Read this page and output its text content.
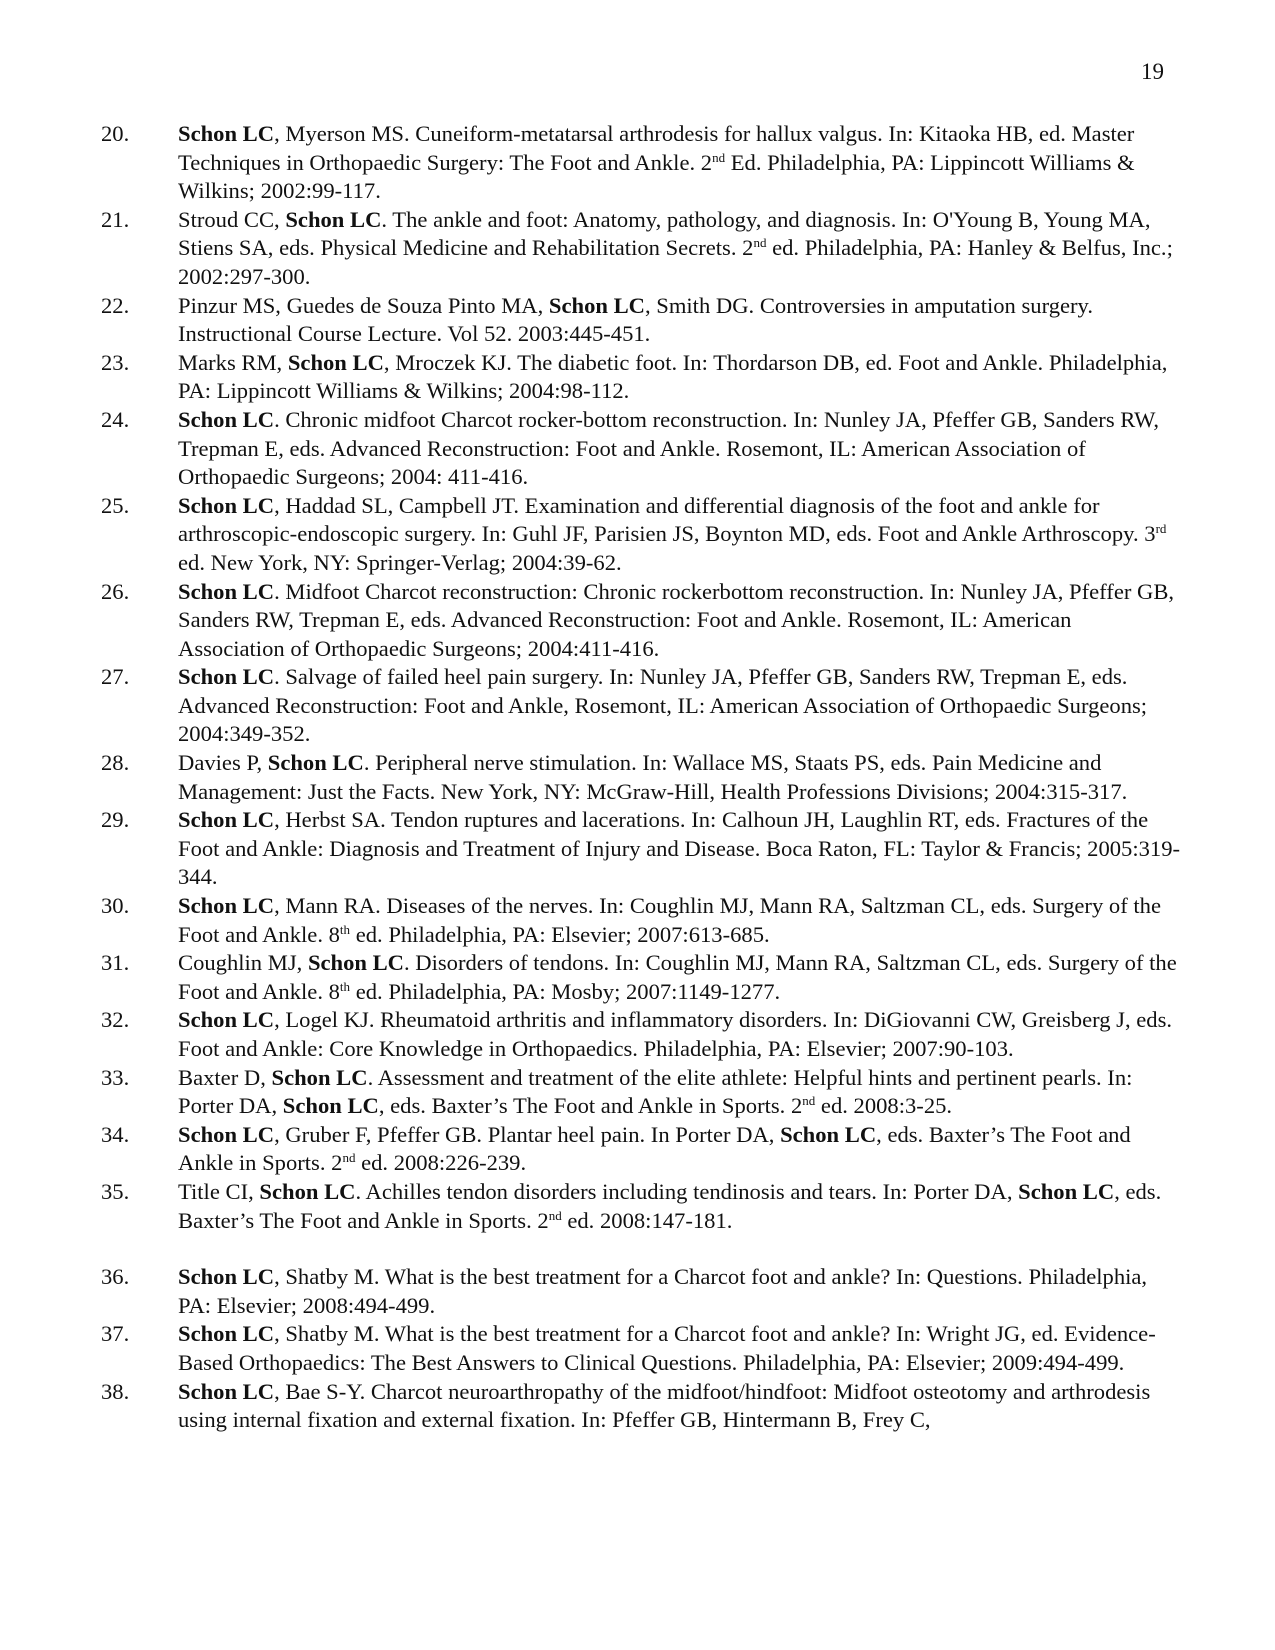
19
20. Schon LC, Myerson MS. Cuneiform-metatarsal arthrodesis for hallux valgus. In: Kitaoka HB, ed. Master Techniques in Orthopaedic Surgery: The Foot and Ankle. 2nd Ed. Philadelphia, PA: Lippincott Williams & Wilkins; 2002:99-117.
21. Stroud CC, Schon LC. The ankle and foot: Anatomy, pathology, and diagnosis. In: O'Young B, Young MA, Stiens SA, eds. Physical Medicine and Rehabilitation Secrets. 2nd ed. Philadelphia, PA: Hanley & Belfus, Inc.; 2002:297-300.
22. Pinzur MS, Guedes de Souza Pinto MA, Schon LC, Smith DG. Controversies in amputation surgery. Instructional Course Lecture. Vol 52. 2003:445-451.
23. Marks RM, Schon LC, Mroczek KJ. The diabetic foot. In: Thordarson DB, ed. Foot and Ankle. Philadelphia, PA: Lippincott Williams & Wilkins; 2004:98-112.
24. Schon LC. Chronic midfoot Charcot rocker-bottom reconstruction. In: Nunley JA, Pfeffer GB, Sanders RW, Trepman E, eds. Advanced Reconstruction: Foot and Ankle. Rosemont, IL: American Association of Orthopaedic Surgeons; 2004: 411-416.
25. Schon LC, Haddad SL, Campbell JT. Examination and differential diagnosis of the foot and ankle for arthroscopic-endoscopic surgery. In: Guhl JF, Parisien JS, Boynton MD, eds. Foot and Ankle Arthroscopy. 3rd ed. New York, NY: Springer-Verlag; 2004:39-62.
26. Schon LC. Midfoot Charcot reconstruction: Chronic rockerbottom reconstruction. In: Nunley JA, Pfeffer GB, Sanders RW, Trepman E, eds. Advanced Reconstruction: Foot and Ankle. Rosemont, IL: American Association of Orthopaedic Surgeons; 2004:411-416.
27. Schon LC. Salvage of failed heel pain surgery. In: Nunley JA, Pfeffer GB, Sanders RW, Trepman E, eds. Advanced Reconstruction: Foot and Ankle, Rosemont, IL: American Association of Orthopaedic Surgeons; 2004:349-352.
28. Davies P, Schon LC. Peripheral nerve stimulation. In: Wallace MS, Staats PS, eds. Pain Medicine and Management: Just the Facts. New York, NY: McGraw-Hill, Health Professions Divisions; 2004:315-317.
29. Schon LC, Herbst SA. Tendon ruptures and lacerations. In: Calhoun JH, Laughlin RT, eds. Fractures of the Foot and Ankle: Diagnosis and Treatment of Injury and Disease. Boca Raton, FL: Taylor & Francis; 2005:319-344.
30. Schon LC, Mann RA. Diseases of the nerves. In: Coughlin MJ, Mann RA, Saltzman CL, eds. Surgery of the Foot and Ankle. 8th ed. Philadelphia, PA: Elsevier; 2007:613-685.
31. Coughlin MJ, Schon LC. Disorders of tendons. In: Coughlin MJ, Mann RA, Saltzman CL, eds. Surgery of the Foot and Ankle. 8th ed. Philadelphia, PA: Mosby; 2007:1149-1277.
32. Schon LC, Logel KJ. Rheumatoid arthritis and inflammatory disorders. In: DiGiovanni CW, Greisberg J, eds. Foot and Ankle: Core Knowledge in Orthopaedics. Philadelphia, PA: Elsevier; 2007:90-103.
33. Baxter D, Schon LC. Assessment and treatment of the elite athlete: Helpful hints and pertinent pearls. In: Porter DA, Schon LC, eds. Baxter’s The Foot and Ankle in Sports. 2nd ed. 2008:3-25.
34. Schon LC, Gruber F, Pfeffer GB. Plantar heel pain. In Porter DA, Schon LC, eds. Baxter’s The Foot and Ankle in Sports. 2nd ed. 2008:226-239.
35. Title CI, Schon LC. Achilles tendon disorders including tendinosis and tears. In: Porter DA, Schon LC, eds. Baxter’s The Foot and Ankle in Sports. 2nd ed. 2008:147-181.
36. Schon LC, Shatby M. What is the best treatment for a Charcot foot and ankle? In: Questions. Philadelphia, PA: Elsevier; 2008:494-499.
37. Schon LC, Shatby M. What is the best treatment for a Charcot foot and ankle? In: Wright JG, ed. Evidence-Based Orthopaedics: The Best Answers to Clinical Questions. Philadelphia, PA: Elsevier; 2009:494-499.
38. Schon LC, Bae S-Y. Charcot neuroarthropathy of the midfoot/hindfoot: Midfoot osteotomy and arthrodesis using internal fixation and external fixation. In: Pfeffer GB, Hintermann B, Frey C,
